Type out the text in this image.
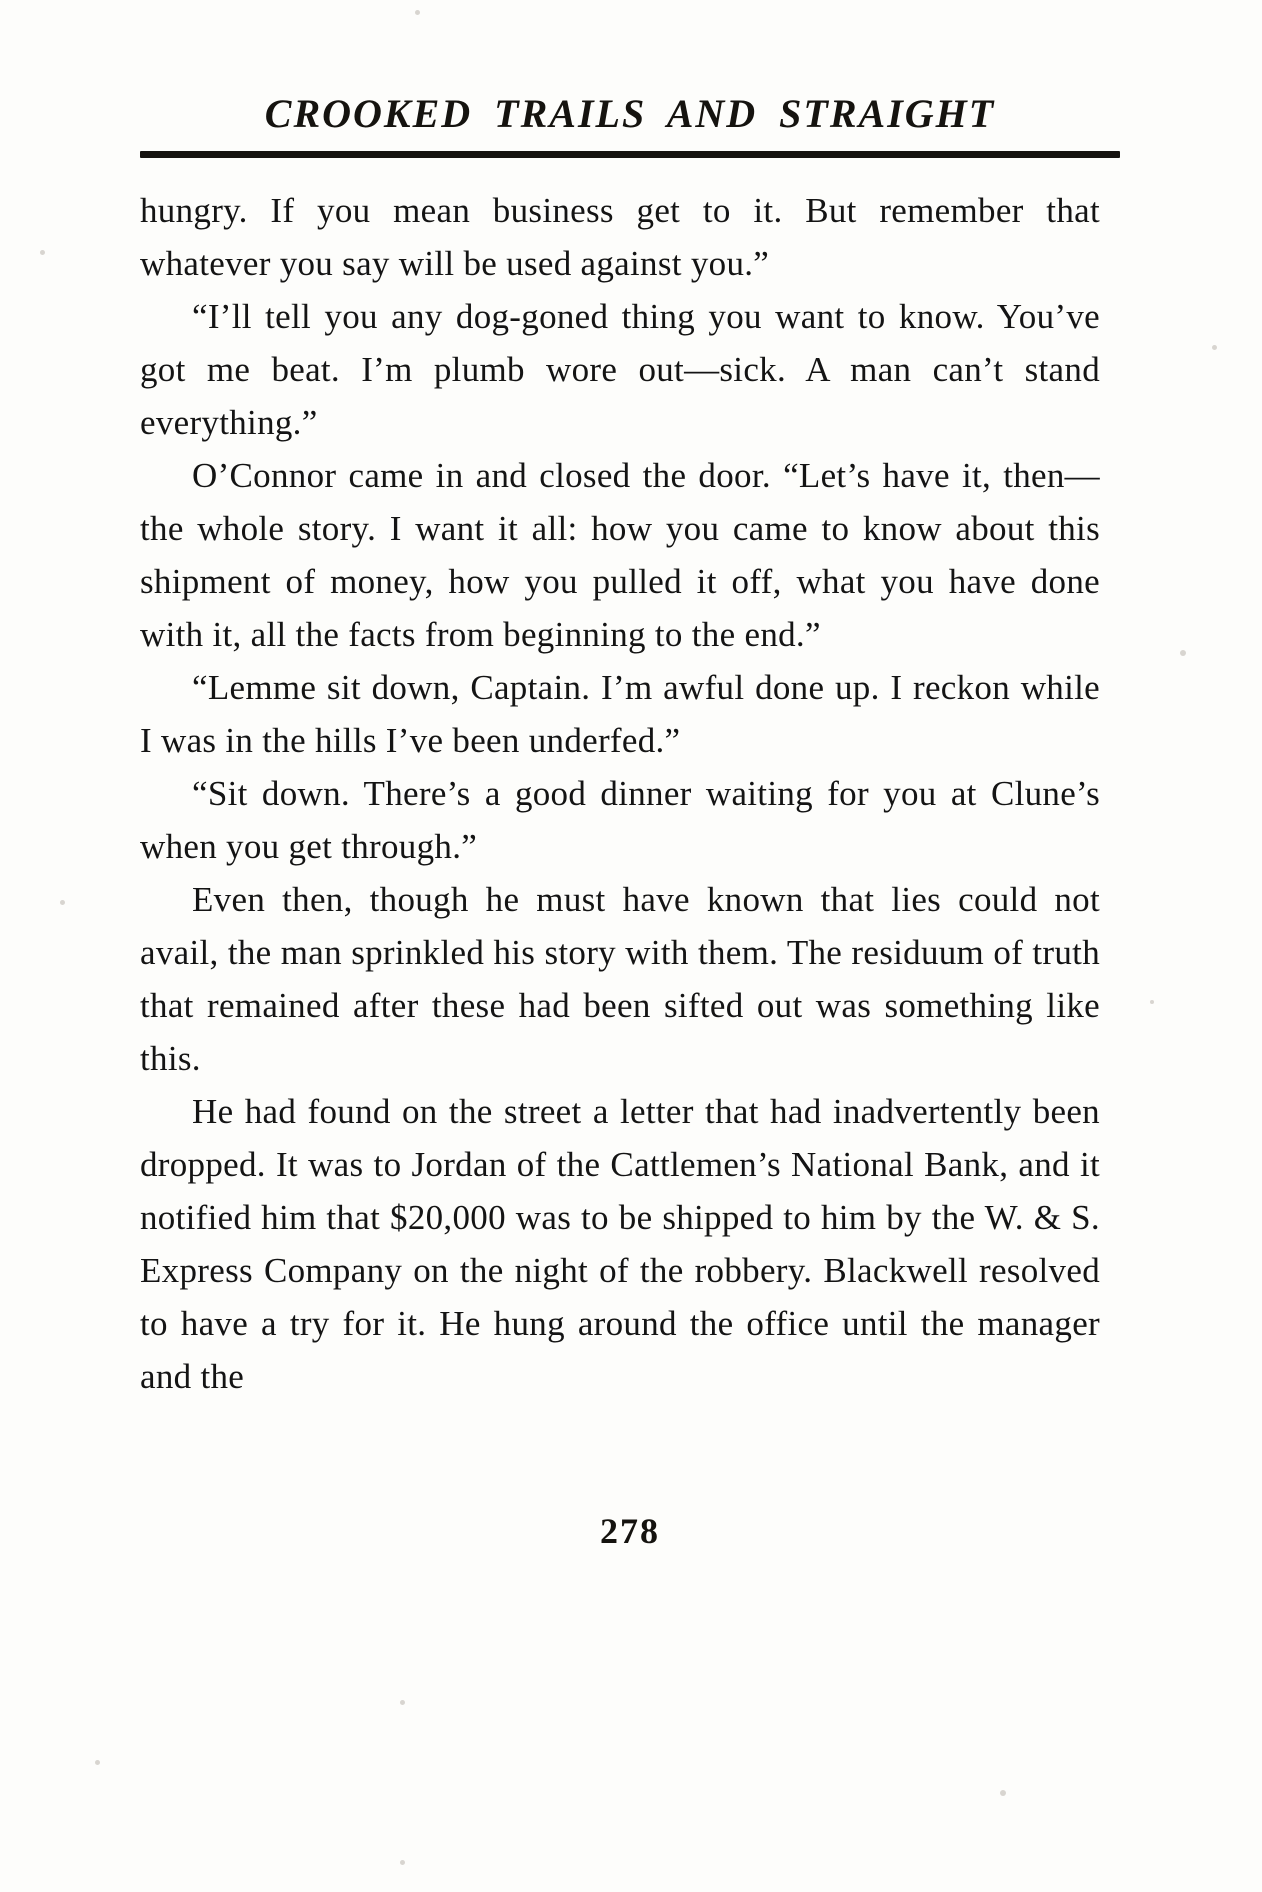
CROOKED TRAILS AND STRAIGHT

hungry. If you mean business get to it. But remember that whatever you say will be used against you.”

“I’ll tell you any dog-goned thing you want to know. You’ve got me beat. I’m plumb wore out—sick. A man can’t stand everything.”

O’Connor came in and closed the door. “Let’s have it, then—the whole story. I want it all: how you came to know about this shipment of money, how you pulled it off, what you have done with it, all the facts from beginning to the end.”

“Lemme sit down, Captain. I’m awful done up. I reckon while I was in the hills I’ve been underfed.”

“Sit down. There’s a good dinner waiting for you at Clune’s when you get through.”

Even then, though he must have known that lies could not avail, the man sprinkled his story with them. The residuum of truth that remained after these had been sifted out was something like this.

He had found on the street a letter that had inadvertently been dropped. It was to Jordan of the Cattlemen’s National Bank, and it notified him that $20,000 was to be shipped to him by the W. & S. Express Company on the night of the robbery. Blackwell resolved to have a try for it. He hung around the office until the manager and the

278
